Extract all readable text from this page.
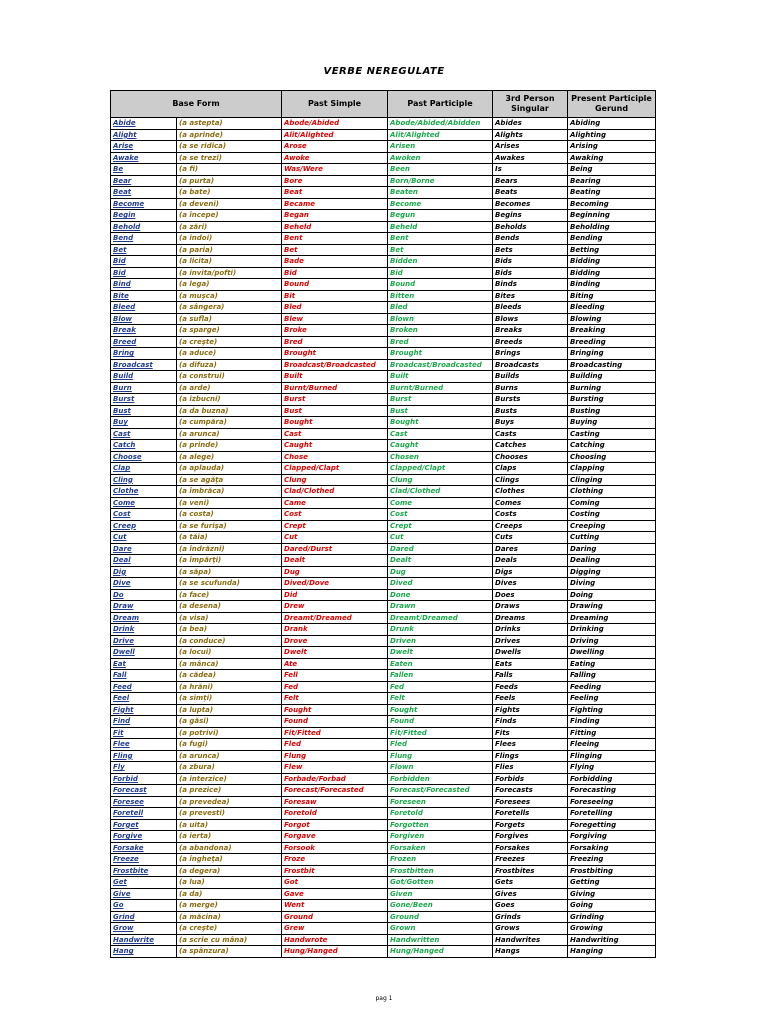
VERBE NEREGULATE
Base Form		Past Simple	Past Participle	3rd Person Singular	Present Participle Gerund
Abide	(a astepta)	Abode/Abided	Abode/Abided/Abidden	Abides	Abiding
Alight	(a aprinde)	Alit/Alighted	Alit/Alighted	Alights	Alighting
Arise	(a se ridica)	Arose	Arisen	Arises	Arising
Awake	(a se trezi)	Awoke	Awoken	Awakes	Awaking
Be	(a fi)	Was/Were	Been	Is	Being
Bear	(a purta)	Bore	Born/Borne	Bears	Bearing
Beat	(a bate)	Beat	Beaten	Beats	Beating
Become	(a deveni)	Became	Become	Becomes	Becoming
Begin	(a începe)	Began	Begun	Begins	Beginning
Behold	(a zări)	Beheld	Beheld	Beholds	Beholding
Bend	(a indoi)	Bent	Bent	Bends	Bending
Bet	(a paria)	Bet	Bet	Bets	Betting
Bid	(a licita)	Bade	Bidden	Bids	Bidding
Bid	(a invita/pofti)	Bid	Bid	Bids	Bidding
Bind	(a lega)	Bound	Bound	Binds	Binding
Bite	(a muşca)	Bit	Bitten	Bites	Biting
Bleed	(a sângera)	Bled	Bled	Bleeds	Bleeding
Blow	(a sufla)	Blew	Blown	Blows	Blowing
Break	(a sparge)	Broke	Broken	Breaks	Breaking
Breed	(a creşte)	Bred	Bred	Breeds	Breeding
Bring	(a aduce)	Brought	Brought	Brings	Bringing
Broadcast	(a difuza)	Broadcast/Broadcasted	Broadcast/Broadcasted	Broadcasts	Broadcasting
Build	(a construi)	Built	Built	Builds	Building
Burn	(a arde)	Burnt/Burned	Burnt/Burned	Burns	Burning
Burst	(a izbucni)	Burst	Burst	Bursts	Bursting
Bust	(a da buzna)	Bust	Bust	Busts	Busting
Buy	(a cumpăra)	Bought	Bought	Buys	Buying
Cast	(a arunca)	Cast	Cast	Casts	Casting
Catch	(a prinde)	Caught	Caught	Catches	Catching
Choose	(a alege)	Chose	Chosen	Chooses	Choosing
Clap	(a aplauda)	Clapped/Clapt	Clapped/Clapt	Claps	Clapping
Cling	(a se agăţa	Clung	Clung	Clings	Clinging
Clothe	(a îmbrăca)	Clad/Clothed	Clad/Clothed	Clothes	Clothing
Come	(a veni)	Came	Come	Comes	Coming
Cost	(a costa)	Cost	Cost	Costs	Costing
Creep	(a se furişa)	Crept	Crept	Creeps	Creeping
Cut	(a tăia)	Cut	Cut	Cuts	Cutting
Dare	(a îndrăzni)	Dared/Durst	Dared	Dares	Daring
Deal	(a împărţi)	Dealt	Dealt	Deals	Dealing
Dig	(a săpa)	Dug	Dug	Digs	Digging
Dive	(a se scufunda)	Dived/Dove	Dived	Dives	Diving
Do	(a face)	Did	Done	Does	Doing
Draw	(a desena)	Drew	Drawn	Draws	Drawing
Dream	(a visa)	Dreamt/Dreamed	Dreamt/Dreamed	Dreams	Dreaming
Drink	(a bea)	Drank	Drunk	Drinks	Drinking
Drive	(a conduce)	Drove	Driven	Drives	Driving
Dwell	(a locui)	Dwelt	Dwelt	Dwells	Dwelling
Eat	(a mânca)	Ate	Eaten	Eats	Eating
Fall	(a cădea)	Fell	Fallen	Falls	Falling
Feed	(a hrăni)	Fed	Fed	Feeds	Feeding
Feel	(a simţi)	Felt	Felt	Feels	Feeling
Fight	(a lupta)	Fought	Fought	Fights	Fighting
Find	(a găsi)	Found	Found	Finds	Finding
Fit	(a potrivi)	Fit/Fitted	Fit/Fitted	Fits	Fitting
Flee	(a fugi)	Fled	Fled	Flees	Fleeing
Fling	(a arunca)	Flung	Flung	Flings	Flinging
Fly	(a zbura)	Flew	Flown	Flies	Flying
Forbid	(a interzice)	Forbade/Forbad	Forbidden	Forbids	Forbidding
Forecast	(a prezice)	Forecast/Forecasted	Forecast/Forecasted	Forecasts	Forecasting
Foresee	(a prevedea)	Foresaw	Foreseen	Foresees	Foreseeing
Foretell	(a prevesti)	Foretold	Foretold	Foretells	Foretelling
Forget	(a uita)	Forgot	Forgotten	Forgets	Foregetting
Forgive	(a ierta)	Forgave	Forgiven	Forgives	Forgiving
Forsake	(a abandona)	Forsook	Forsaken	Forsakes	Forsaking
Freeze	(a îngheţa)	Froze	Frozen	Freezes	Freezing
Frostbite	(a degera)	Frostbit	Frostbitten	Frostbites	Frostbiting
Get	(a lua)	Got	Got/Gotten	Gets	Getting
Give	(a da)	Gave	Given	Gives	Giving
Go	(a merge)	Went	Gone/Been	Goes	Going
Grind	(a măcina)	Ground	Ground	Grinds	Grinding
Grow	(a creşte)	Grew	Grown	Grows	Growing
Handwrite	(a scrie cu mâna)	Handwrote	Handwritten	Handwrites	Handwriting
Hang	(a spânzura)	Hung/Hanged	Hung/Hanged	Hangs	Hanging
pag 1
